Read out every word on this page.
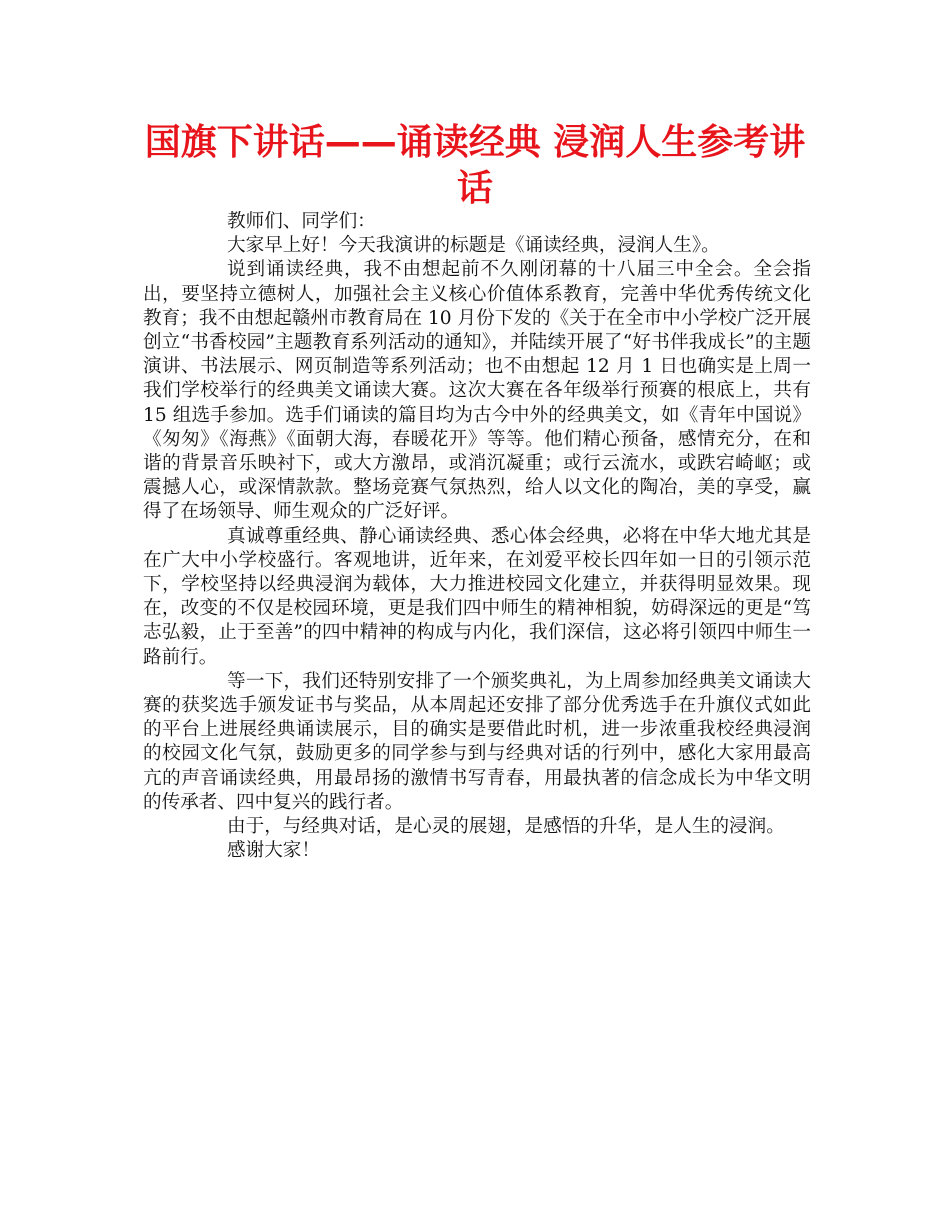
国旗下讲话——诵读经典 浸润人生参考讲话

教师们、同学们：

大家早上好！今天我演讲的标题是《诵读经典，浸润人生》。

说到诵读经典，我不由想起前不久刚闭幕的十八届三中全会。全会指出，要坚持立德树人，加强社会主义核心价值体系教育，完善中华优秀传统文化教育；我不由想起赣州市教育局在 10 月份下发的《关于在全市中小学校广泛开展创立“书香校园”主题教育系列活动的通知》，并陆续开展了“好书伴我成长”的主题演讲、书法展示、网页制造等系列活动；也不由想起 12 月 1 日也确实是上周一我们学校举行的经典美文诵读大赛。这次大赛在各年级举行预赛的根底上，共有 15 组选手参加。选手们诵读的篇目均为古今中外的经典美文，如《青年中国说》《匆匆》《海燕》《面朝大海，春暖花开》等等。他们精心预备，感情充分，在和谐的背景音乐映衬下，或大方激昂，或消沉凝重；或行云流水，或跌宕崎岖；或震撼人心，或深情款款。整场竞赛气氛热烈，给人以文化的陶冶，美的享受，赢得了在场领导、师生观众的广泛好评。

真诚尊重经典、静心诵读经典、悉心体会经典，必将在中华大地尤其是在广大中小学校盛行。客观地讲，近年来，在刘爱平校长四年如一日的引领示范下，学校坚持以经典浸润为载体，大力推进校园文化建立，并获得明显效果。现在，改变的不仅是校园环境，更是我们四中师生的精神相貌，妨碍深远的更是“笃志弘毅，止于至善”的四中精神的构成与内化，我们深信，这必将引领四中师生一路前行。

等一下，我们还特别安排了一个颁奖典礼，为上周参加经典美文诵读大赛的获奖选手颁发证书与奖品，从本周起还安排了部分优秀选手在升旗仪式如此的平台上进展经典诵读展示，目的确实是要借此时机，进一步浓重我校经典浸润的校园文化气氛，鼓励更多的同学参与到与经典对话的行列中，感化大家用最高亢的声音诵读经典，用最昂扬的激情书写青春，用最执著的信念成长为中华文明的传承者、四中复兴的践行者。

由于，与经典对话，是心灵的展翅，是感悟的升华，是人生的浸润。

感谢大家！
